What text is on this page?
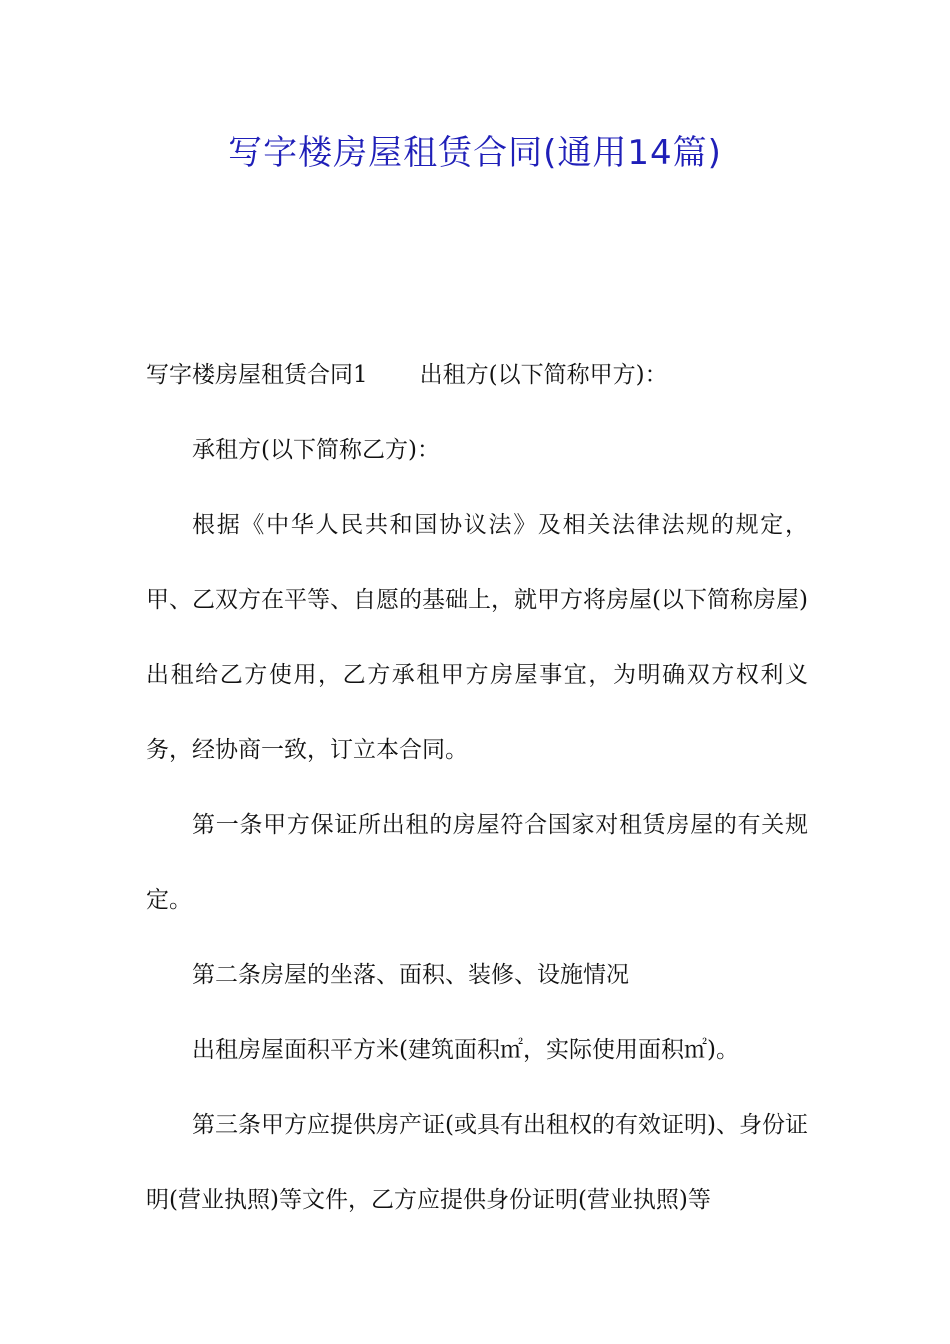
写字楼房屋租赁合同(通用14篇)

写字楼房屋租赁合同1 出租方(以下简称甲方)：

承租方(以下简称乙方)：

根据《中华人民共和国协议法》及相关法律法规的规定，甲、乙双方在平等、自愿的基础上，就甲方将房屋(以下简称房屋)出租给乙方使用，乙方承租甲方房屋事宜，为明确双方权利义务，经协商一致，订立本合同。

第一条甲方保证所出租的房屋符合国家对租赁房屋的有关规定。

第二条房屋的坐落、面积、装修、设施情况

出租房屋面积平方米(建筑面积㎡，实际使用面积㎡)。

第三条甲方应提供房产证(或具有出租权的有效证明)、身份证明(营业执照)等文件，乙方应提供身份证明(营业执照)等
